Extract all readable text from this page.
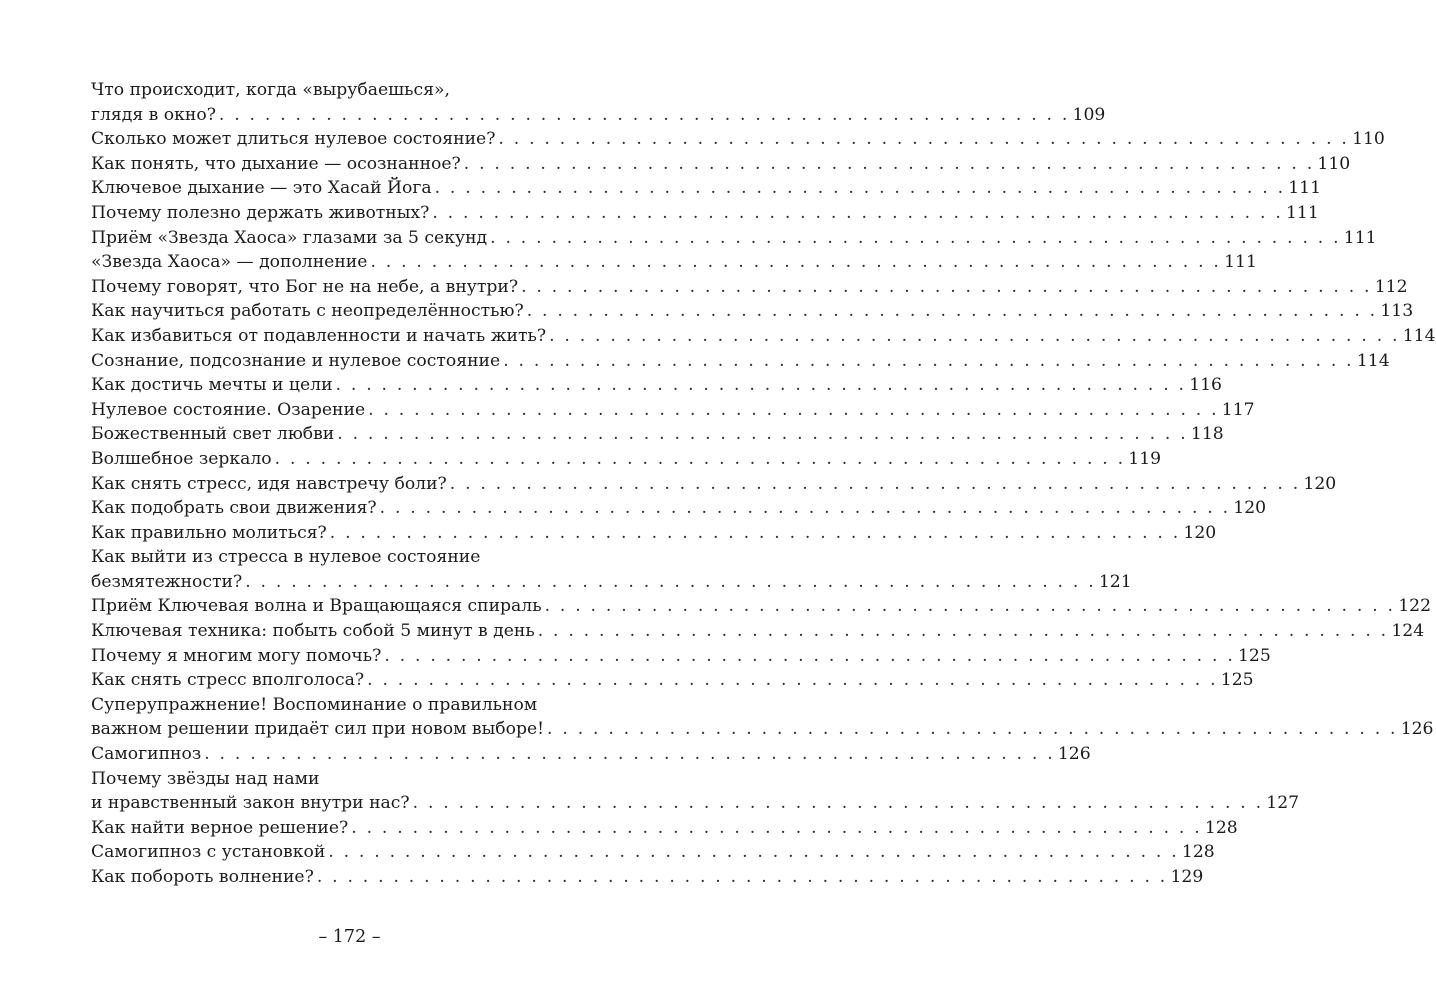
Что происходит, когда «вырубаешься»,
глядя в окно? . . . . . . . . . . . . . . . . . . . . . . . . . . . . . . . . . . . . . . . . . . . . . . . . . . . . . . . . 109
Сколько может длиться нулевое состояние? . . . . . . . . . . . . . . . . . . . . . . . . . . . . . . . . . . . . . . . . . . . . . . . . . . . . . . . . 110
Как понять, что дыхание — осознанное? . . . . . . . . . . . . . . . . . . . . . . . . . . . . . . . . . . . . . . . . . . . . . . . . . . . . . . . . 110
Ключевое дыхание — это Хасай Йога . . . . . . . . . . . . . . . . . . . . . . . . . . . . . . . . . . . . . . . . . . . . . . . . . . . . . . . . 111
Почему полезно держать животных? . . . . . . . . . . . . . . . . . . . . . . . . . . . . . . . . . . . . . . . . . . . . . . . . . . . . . . . . 111
Приём «Звезда Хаоса» глазами за 5 секунд . . . . . . . . . . . . . . . . . . . . . . . . . . . . . . . . . . . . . . . . . . . . . . . . . . . . . . . . 111
«Звезда Хаоса» — дополнение . . . . . . . . . . . . . . . . . . . . . . . . . . . . . . . . . . . . . . . . . . . . . . . . . . . . . . . . 111
Почему говорят, что Бог не на небе, а внутри? . . . . . . . . . . . . . . . . . . . . . . . . . . . . . . . . . . . . . . . . . . . . . . . . . . . . . . . . 112
Как научиться работать с неопределённостью? . . . . . . . . . . . . . . . . . . . . . . . . . . . . . . . . . . . . . . . . . . . . . . . . . . . . . . . . 113
Как избавиться от подавленности и начать жить? . . . . . . . . . . . . . . . . . . . . . . . . . . . . . . . . . . . . . . . . . . . . . . . . . . . . . . . . 114
Сознание, подсознание и нулевое состояние . . . . . . . . . . . . . . . . . . . . . . . . . . . . . . . . . . . . . . . . . . . . . . . . . . . . . . . . 114
Как достичь мечты и цели . . . . . . . . . . . . . . . . . . . . . . . . . . . . . . . . . . . . . . . . . . . . . . . . . . . . . . . . 116
Нулевое состояние. Озарение . . . . . . . . . . . . . . . . . . . . . . . . . . . . . . . . . . . . . . . . . . . . . . . . . . . . . . . . 117
Божественный свет любви . . . . . . . . . . . . . . . . . . . . . . . . . . . . . . . . . . . . . . . . . . . . . . . . . . . . . . . . 118
Волшебное зеркало . . . . . . . . . . . . . . . . . . . . . . . . . . . . . . . . . . . . . . . . . . . . . . . . . . . . . . . . 119
Как снять стресс, идя навстречу боли? . . . . . . . . . . . . . . . . . . . . . . . . . . . . . . . . . . . . . . . . . . . . . . . . . . . . . . . . 120
Как подобрать свои движения? . . . . . . . . . . . . . . . . . . . . . . . . . . . . . . . . . . . . . . . . . . . . . . . . . . . . . . . . 120
Как правильно молиться? . . . . . . . . . . . . . . . . . . . . . . . . . . . . . . . . . . . . . . . . . . . . . . . . . . . . . . . . 120
Как выйти из стресса в нулевое состояние
безмятежности? . . . . . . . . . . . . . . . . . . . . . . . . . . . . . . . . . . . . . . . . . . . . . . . . . . . . . . . . 121
Приём Ключевая волна и Вращающаяся спираль . . . . . . . . . . . . . . . . . . . . . . . . . . . . . . . . . . . . . . . . . . . . . . . . . . . . . . . . 122
Ключевая техника: побыть собой 5 минут в день . . . . . . . . . . . . . . . . . . . . . . . . . . . . . . . . . . . . . . . . . . . . . . . . . . . . . . . . 124
Почему я многим могу помочь? . . . . . . . . . . . . . . . . . . . . . . . . . . . . . . . . . . . . . . . . . . . . . . . . . . . . . . . . 125
Как снять стресс вполголоса? . . . . . . . . . . . . . . . . . . . . . . . . . . . . . . . . . . . . . . . . . . . . . . . . . . . . . . . . 125
Суперупражнение! Воспоминание о правильном
важном решении придаёт сил при новом выборе! . . . . . . . . . . . . . . . . . . . . . . . . . . . . . . . . . . . . . . . . . . . . . . . . . . . . . . . . 126
Самогипноз . . . . . . . . . . . . . . . . . . . . . . . . . . . . . . . . . . . . . . . . . . . . . . . . . . . . . . . . 126
Почему звёзды над нами
и нравственный закон внутри нас? . . . . . . . . . . . . . . . . . . . . . . . . . . . . . . . . . . . . . . . . . . . . . . . . . . . . . . . . 127
Как найти верное решение? . . . . . . . . . . . . . . . . . . . . . . . . . . . . . . . . . . . . . . . . . . . . . . . . . . . . . . . . 128
Самогипноз с установкой . . . . . . . . . . . . . . . . . . . . . . . . . . . . . . . . . . . . . . . . . . . . . . . . . . . . . . . . 128
Как побороть волнение? . . . . . . . . . . . . . . . . . . . . . . . . . . . . . . . . . . . . . . . . . . . . . . . . . . . . . . . . 129
– 172 –
